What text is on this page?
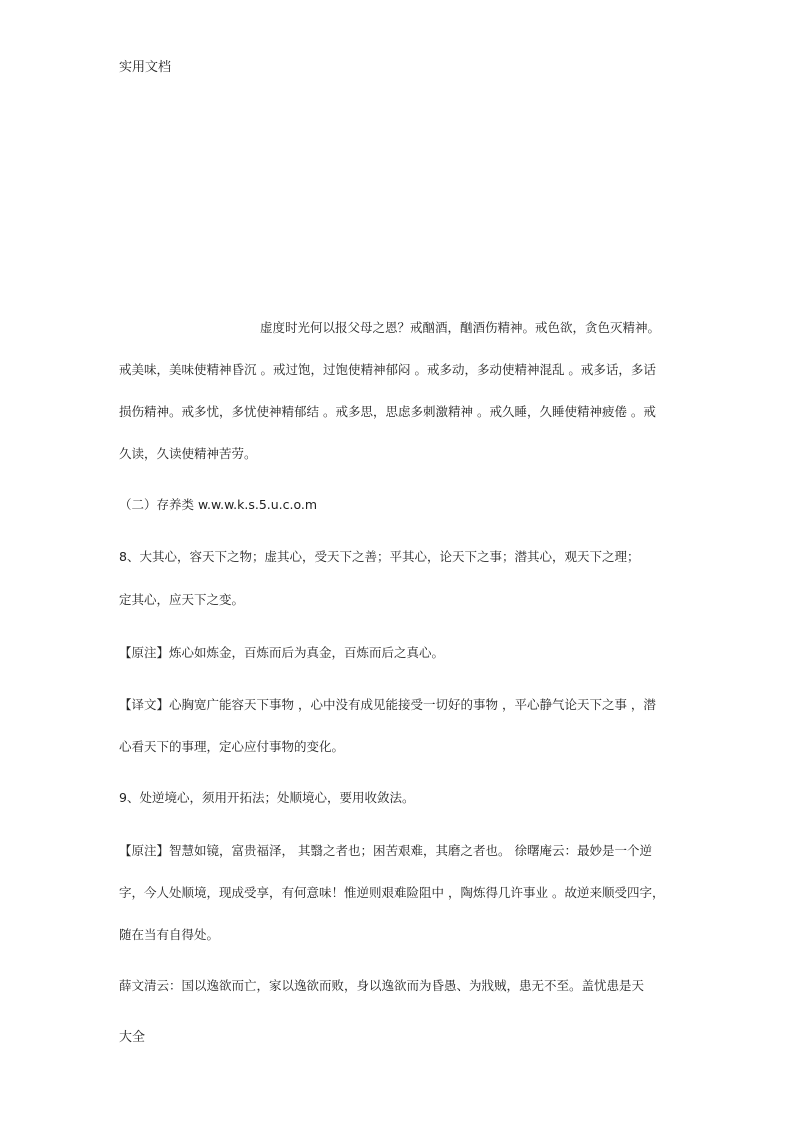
实用文档

虚度时光何以报父母之恩？戒酗酒，酗酒伤精神。戒色欲，贪色灭精神。

戒美味，美味使精神昏沉 。戒过饱，过饱使精神郁闷 。戒多动，多动使精神混乱 。戒多话，多话

损伤精神。戒多忧，多忧使神精郁结 。戒多思，思虑多刺激精神 。戒久睡，久睡使精神疲倦 。戒

久读，久读使精神苦劳。

（二）存养类 w.w.w.k.s.5.u.c.o.m

8、大其心，容天下之物；虚其心，受天下之善；平其心，论天下之事；潜其心，观天下之理；

定其心，应天下之变。

【原注】炼心如炼金，百炼而后为真金，百炼而后之真心。

【译文】心胸宽广能容天下事物 ，心中没有成见能接受一切好的事物 ，平心静气论天下之事 ，潜

心看天下的事理，定心应付事物的变化。

9、处逆境心，须用开拓法；处顺境心，要用收敛法。

【原注】智慧如镜，富贵福泽， 其翳之者也；困苦艰难，其磨之者也。 徐曙庵云：最妙是一个逆

字，今人处顺境，现成受享，有何意味！惟逆则艰难险阻中 ，陶炼得几许事业 。故逆来顺受四字，

随在当有自得处。

薛文清云：国以逸欲而亡，家以逸欲而败，身以逸欲而为昏愚、为戕贼，患无不至。盖忧患是天

大全
